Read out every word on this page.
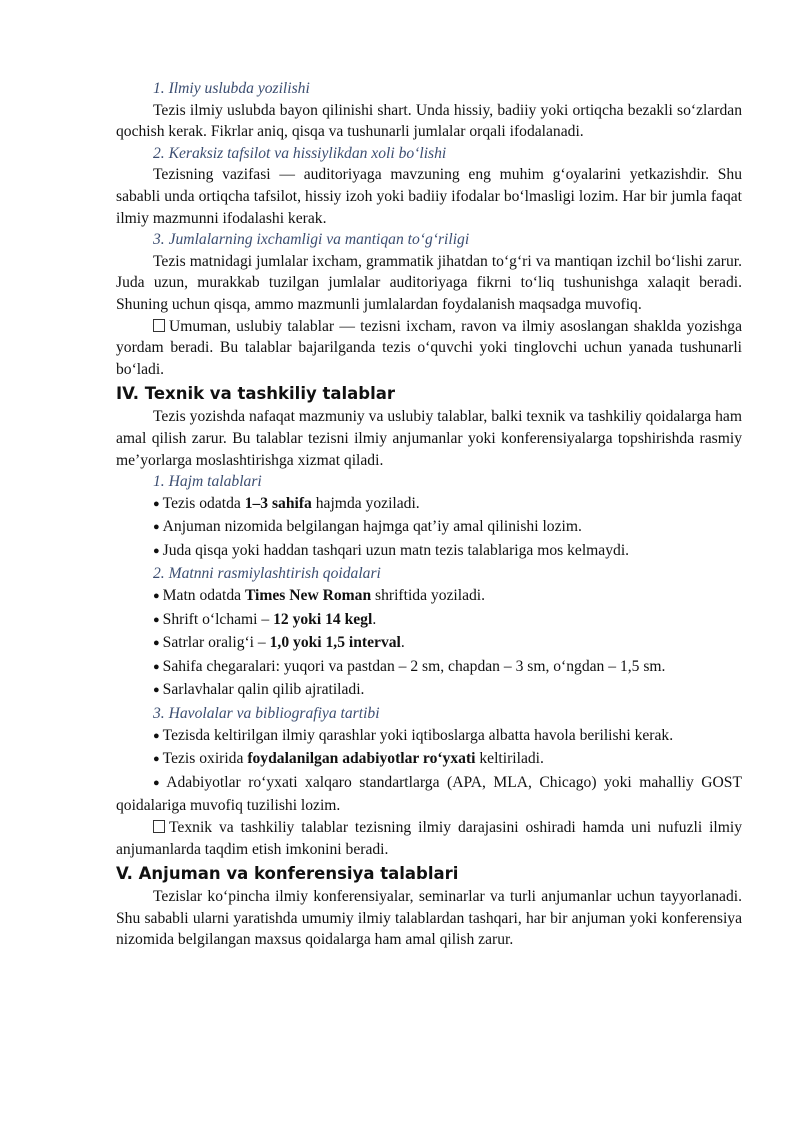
1. Ilmiy uslubda yozilishi

Tezis ilmiy uslubda bayon qilinishi shart. Unda hissiy, badiiy yoki ortiqcha bezakli so‘zlardan qochish kerak. Fikrlar aniq, qisqa va tushunarli jumlalar orqali ifodalanadi.

2. Keraksiz tafsilot va hissiylikdan xoli bo‘lishi

Tezisning vazifasi — auditoriyaga mavzuning eng muhim g‘oyalarini yetkazishdir. Shu sababli unda ortiqcha tafsilot, hissiy izoh yoki badiiy ifodalar bo‘lmasligi lozim. Har bir jumla faqat ilmiy mazmunni ifodalashi kerak.

3. Jumlalarning ixchamligi va mantiqan to‘g‘riligi

Tezis matnidagi jumlalar ixcham, grammatik jihatdan to‘g‘ri va mantiqan izchil bo‘lishi zarur. Juda uzun, murakkab tuzilgan jumlalar auditoriyaga fikrni to‘liq tushunishga xalaqit beradi. Shuning uchun qisqa, ammo mazmunli jumlalardan foydalanish maqsadga muvofiq.

Umuman, uslubiy talablar — tezisni ixcham, ravon va ilmiy asoslangan shaklda yozishga yordam beradi. Bu talablar bajarilganda tezis o‘quvchi yoki tinglovchi uchun yanada tushunarli bo‘ladi.

IV. Texnik va tashkiliy talablar

Tezis yozishda nafaqat mazmuniy va uslubiy talablar, balki texnik va tashkiliy qoidalarga ham amal qilish zarur. Bu talablar tezisni ilmiy anjumanlar yoki konferensiyalarga topshirishda rasmiy me’yorlarga moslashtirishga xizmat qiladi.

1. Hajm talablari

● Tezis odatda 1–3 sahifa hajmda yoziladi.

● Anjuman nizomida belgilangan hajmga qat’iy amal qilinishi lozim.

● Juda qisqa yoki haddan tashqari uzun matn tezis talablariga mos kelmaydi.

2. Matnni rasmiylashtirish qoidalari

● Matn odatda Times New Roman shriftida yoziladi.

● Shrift o‘lchami – 12 yoki 14 kegl.

● Satrlar oralig‘i – 1,0 yoki 1,5 interval.

● Sahifa chegaralari: yuqori va pastdan – 2 sm, chapdan – 3 sm, o‘ngdan – 1,5 sm.

● Sarlavhalar qalin qilib ajratiladi.

3. Havolalar va bibliografiya tartibi

● Tezisda keltirilgan ilmiy qarashlar yoki iqtiboslarga albatta havola berilishi kerak.

● Tezis oxirida foydalanilgan adabiyotlar ro‘yxati keltiriladi.

● Adabiyotlar ro‘yxati xalqaro standartlarga (APA, MLA, Chicago) yoki mahalliy GOST qoidalariga muvofiq tuzilishi lozim.

Texnik va tashkiliy talablar tezisning ilmiy darajasini oshiradi hamda uni nufuzli ilmiy anjumanlarda taqdim etish imkonini beradi.

V. Anjuman va konferensiya talablari

Tezislar ko‘pincha ilmiy konferensiyalar, seminarlar va turli anjumanlar uchun tayyorlanadi. Shu sababli ularni yaratishda umumiy ilmiy talablardan tashqari, har bir anjuman yoki konferensiya nizomida belgilangan maxsus qoidalarga ham amal qilish zarur.
